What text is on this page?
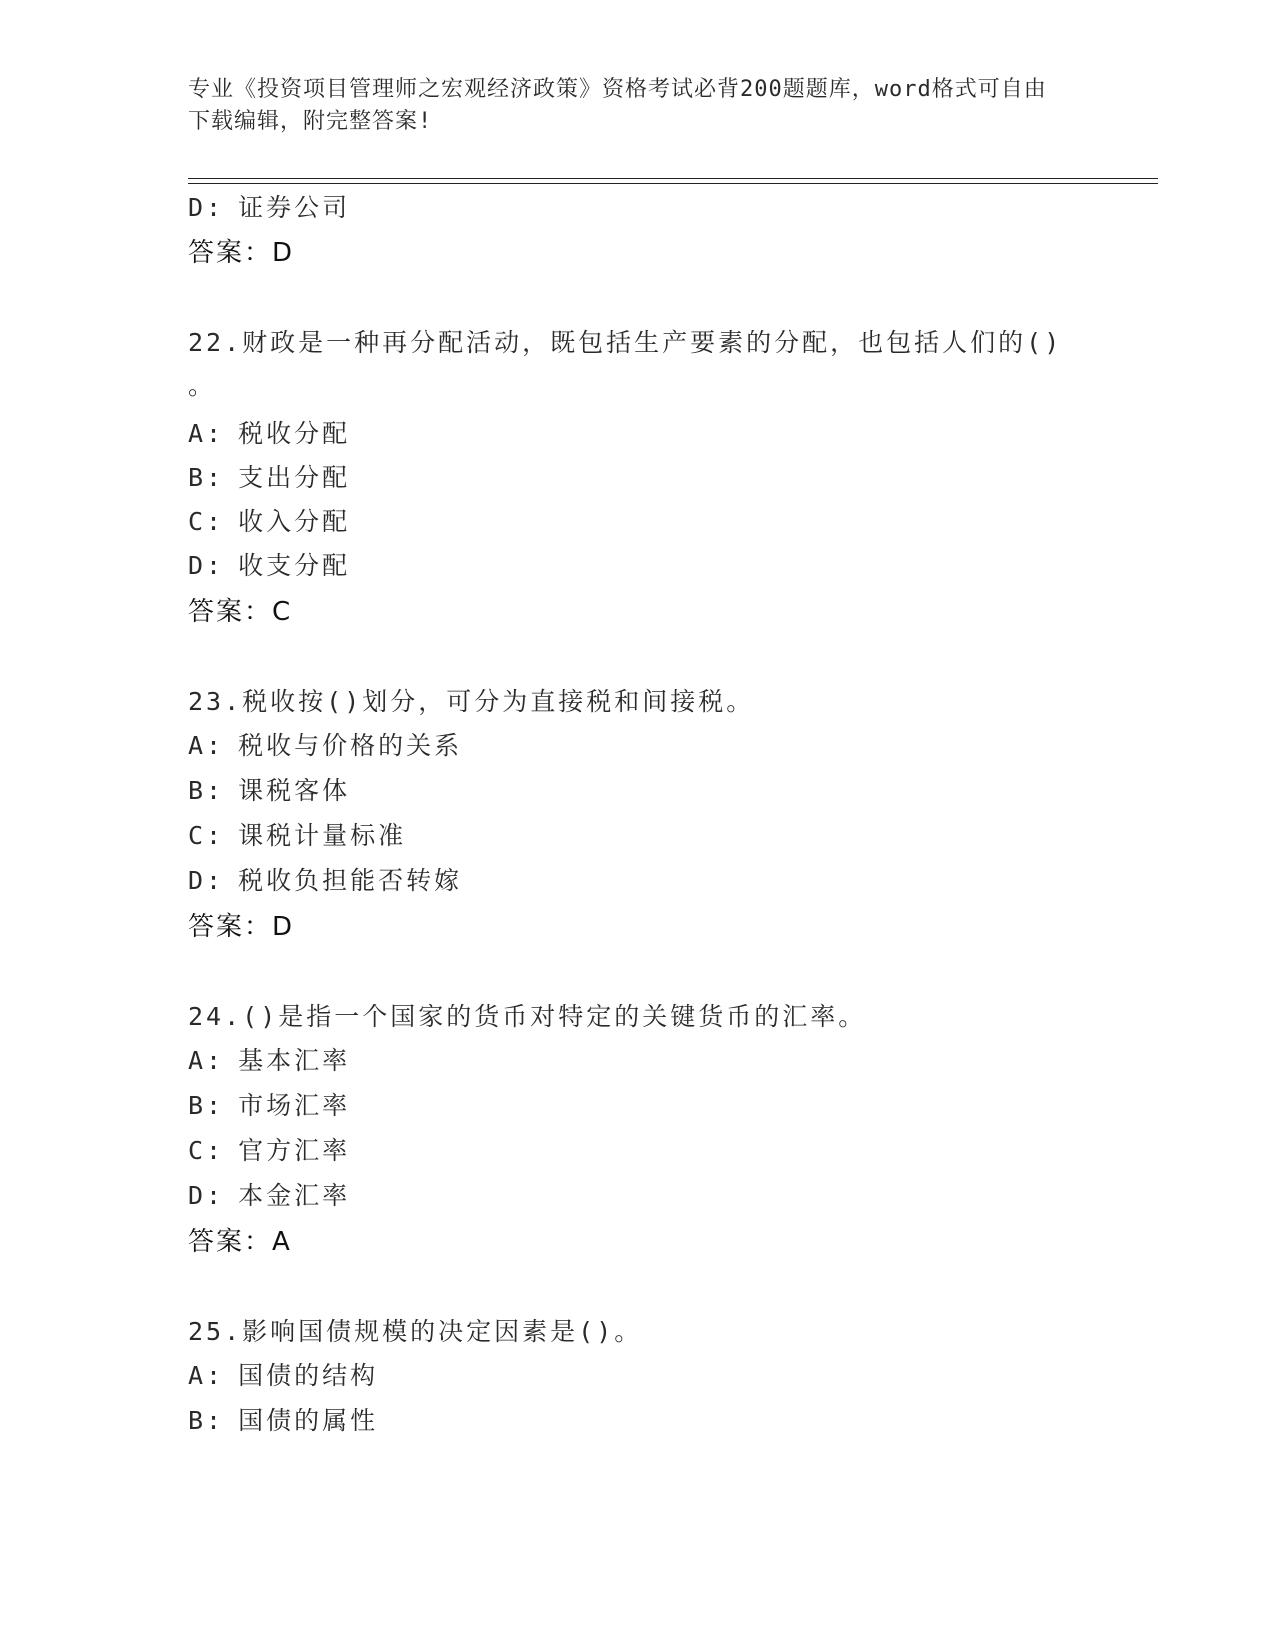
专业《投资项目管理师之宏观经济政策》资格考试必背200题题库，word格式可自由下载编辑，附完整答案!
D: 证券公司
答案：D
22.财政是一种再分配活动，既包括生产要素的分配，也包括人们的()
。
A: 税收分配
B: 支出分配
C: 收入分配
D: 收支分配
答案：C
23.税收按()划分，可分为直接税和间接税。
A: 税收与价格的关系
B: 课税客体
C: 课税计量标准
D: 税收负担能否转嫁
答案：D
24.()是指一个国家的货币对特定的关键货币的汇率。
A: 基本汇率
B: 市场汇率
C: 官方汇率
D: 本金汇率
答案：A
25.影响国债规模的决定因素是()。
A: 国债的结构
B: 国债的属性
